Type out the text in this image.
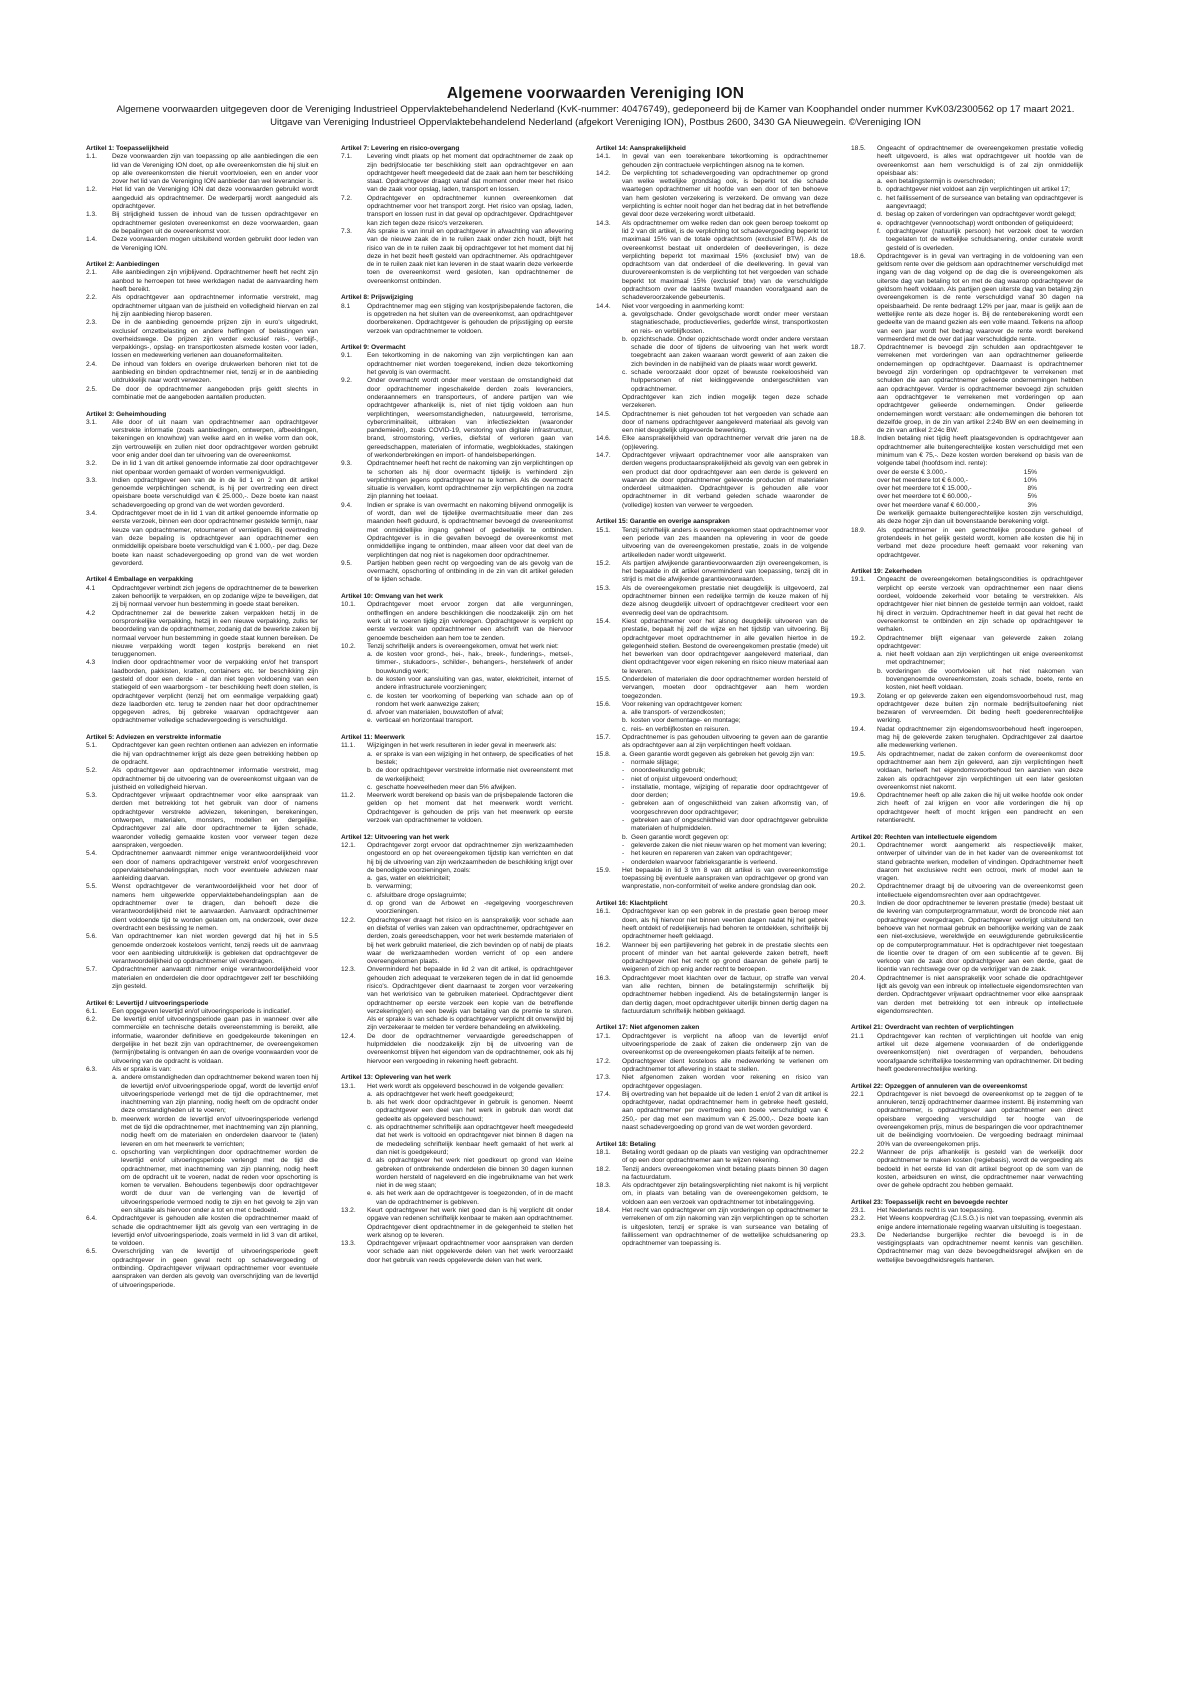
Algemene voorwaarden Vereniging ION
Algemene voorwaarden uitgegeven door de Vereniging Industrieel Oppervlaktebehandelend Nederland (KvK-nummer: 40476749), gedeponeerd bij de Kamer van Koophandel onder nummer KvK03/2300562 op 17 maart 2021.
Uitgave van Vereniging Industrieel Oppervlaktebehandelend Nederland (afgekort Vereniging ION), Postbus 2600, 3430 GA Nieuwegein. ©Vereniging ION
Artikel 1: Toepasselijkheid
1.1.	Deze voorwaarden zijn van toepassing op alle aanbiedingen die een lid van de Vereniging ION doet, op alle overeenkomsten die hij sluit en op alle overeenkomsten die hieruit voortvloeien, een en ander voor zover het lid van de Vereniging ION aanbieder dan wel leverancier is.
1.2.	Het lid van de Vereniging ION dat deze voorwaarden gebruikt wordt aangeduid als opdrachtnemer. De wederpartij wordt aangeduid als opdrachtgever.
1.3.	Bij strijdigheid tussen de inhoud van de tussen opdrachtgever en opdrachtnemer gesloten overeenkomst en deze voorwaarden, gaan de bepalingen uit de overeenkomst voor.
1.4.	Deze voorwaarden mogen uitsluitend worden gebruikt door leden van de Vereniging ION.
Artikel 2: Aanbiedingen
2.1.	Alle aanbiedingen zijn vrijblijvend. Opdrachtnemer heeft het recht zijn aanbod te herroepen tot twee werkdagen nadat de aanvaarding hem heeft bereikt.
2.2.	Als opdrachtgever aan opdrachtnemer informatie verstrekt, mag opdrachtnemer uitgaan van de juistheid en volledigheid hiervan en zal hij zijn aanbieding hierop baseren.
2.3.	De in de aanbieding genoemde prijzen zijn in euro's uitgedrukt, exclusief omzetbelasting en andere heffingen of belastingen van overheidswege. De prijzen zijn verder exclusief reis-, verblijf-, verpakkings-, opslag- en transportkosten alsmede kosten voor laden, lossen en medewerking verlenen aan douaneformaliteiten.
2.4.	De inhoud van folders en overige drukwerken behoren niet tot de aanbieding en binden opdrachtnemer niet, tenzij er in de aanbieding uitdrukkelijk naar wordt verwezen.
2.5.	De door de opdrachtnemer aangeboden prijs geldt slechts in combinatie met de aangeboden aantallen producten.
Artikel 3: Geheimhouding
3.1.	Alle door of uit naam van opdrachtnemer aan opdrachtgever verstrekte informatie (zoals aanbiedingen, ontwerpen, afbeeldingen, tekeningen en knowhow) van welke aard en in welke vorm dan ook, zijn vertrouwelijk en zullen niet door opdrachtgever worden gebruikt voor enig ander doel dan ter uitvoering van de overeenkomst.
3.2.	De in lid 1 van dit artikel genoemde informatie zal door opdrachtgever niet openbaar worden gemaakt of worden vermenigvuldigd.
3.3.	Indien opdrachtgever een van de in de lid 1 en 2 van dit artikel genoemde verplichtingen schendt, is hij per overtreding een direct opeisbare boete verschuldigd van € 25.000,-. Deze boete kan naast schadevergoeding op grond van de wet worden gevorderd.
3.4.	Opdrachtgever moet de in lid 1 van dit artikel genoemde informatie op eerste verzoek, binnen een door opdrachtnemer gestelde termijn, naar keuze van opdrachtnemer, retourneren of vernietigen. Bij overtreding van deze bepaling is opdrachtgever aan opdrachtnemer een onmiddellijk opeisbare boete verschuldigd van € 1.000,- per dag. Deze boete kan naast schadevergoeding op grond van de wet worden gevorderd.
Artikel 4 Emballage en verpakking
4.1	Opdrachtgever verbindt zich jegens de opdrachtnemer de te bewerken zaken behoorlijk te verpakken, en op zodanige wijze te beveiligen, dat zij bij normaal vervoer hun bestemming in goede staat bereiken.
4.2	Opdrachtnemer zal de bewerkte zaken verpakken hetzij in de oorspronkelijke verpakking, hetzij in een nieuwe verpakking, zulks ter beoordeling van de opdrachtnemer, zodanig dat de bewerkte zaken bij normaal vervoer hun bestemming in goede staat kunnen bereiken. De nieuwe verpakking wordt tegen kostprijs berekend en niet teruggenomen.
4.3	Indien door opdrachtnemer voor de verpakking en/of het transport laadborden, pakkisten, kratten, containers etc. ter beschikking zijn gesteld of door een derde - al dan niet tegen voldoening van een statiegeld of een waarborgsom - ter beschikking heeft doen stellen, is opdrachtgever verplicht (tenzij het om eenmalige verpakking gaat) deze laadborden etc. terug te zenden naar het door opdrachtnemer opgegeven adres, bij gebreke waarvan opdrachtgever aan opdrachtnemer volledige schadevergoeding is verschuldigd.
Artikel 5: Adviezen en verstrekte informatie
5.1.	Opdrachtgever kan geen rechten ontlenen aan adviezen en informatie die hij van opdrachtnemer krijgt als deze geen betrekking hebben op de opdracht.
5.2.	Als opdrachtgever aan opdrachtnemer informatie verstrekt, mag opdrachtnemer bij de uitvoering van de overeenkomst uitgaan van de juistheid en volledigheid hiervan.
5.3.	Opdrachtgever vrijwaart opdrachtnemer voor elke aanspraak van derden met betrekking tot het gebruik van door of namens opdrachtgever verstrekte adviezen, tekeningen, berekeningen, ontwerpen, materialen, monsters, modellen en dergelijke. Opdrachtgever zal alle door opdrachtnemer te lijden schade, waaronder volledig gemaakte kosten voor verweer tegen deze aanspraken, vergoeden.
5.4.	Opdrachtnemer aanvaardt nimmer enige verantwoordelijkheid voor een door of namens opdrachtgever verstrekt en/of voorgeschreven oppervlaktebehandelingsplan, noch voor eventuele adviezen naar aanleiding daarvan.
5.5.	Wenst opdrachtgever de verantwoordelijkheid voor het door of namens hem uitgewerkte oppervlaktebehandelingsplan aan de opdrachtnemer over te dragen, dan behoeft deze die verantwoordelijkheid niet te aanvaarden. Aanvaardt opdrachtnemer dient voldoende tijd te worden gelaten om, na onderzoek, over deze overdracht een beslissing te nemen.
5.6.	Van opdrachtnemer kan niet worden gevergd dat hij het in 5.5 genoemde onderzoek kosteloos verricht, tenzij reeds uit de aanvraag voor een aanbieding uitdrukkelijk is gebleken dat opdrachtgever de verantwoordelijkheid op opdrachtnemer wil overdragen.
5.7.	Opdrachtnemer aanvaardt nimmer enige verantwoordelijkheid voor materialen en onderdelen die door opdrachtgever zelf ter beschikking zijn gesteld.
Artikel 6: Levertijd / uitvoeringsperiode
6.1.	Een opgegeven levertijd en/of uitvoeringsperiode is indicatief.
6.2.	De levertijd en/of uitvoeringsperiode gaan pas in wanneer over alle commerciële en technische details overeenstemming is bereikt, alle informatie, waaronder definitieve en goedgekeurde tekeningen en dergelijke in het bezit zijn van opdrachtnemer, de overeengekomen (termijn)betaling is ontvangen én aan de overige voorwaarden voor de uitvoering van de opdracht is voldaan.
6.3.	Als er sprake is van:
a. andere omstandigheden dan opdrachtnemer bekend waren toen hij de levertijd en/of uitvoeringsperiode opgaf, wordt de levertijd en/of uitvoeringsperiode verlengd met de tijd die opdrachtnemer, met inachtneming van zijn planning, nodig heeft om de opdracht onder deze omstandigheden uit te voeren;
b. meerwerk worden de levertijd en/of uitvoeringsperiode verlengd met de tijd die opdrachtnemer, met inachtneming van zijn planning, nodig heeft om de materialen en onderdelen daarvoor te (laten) leveren en om het meerwerk te verrichten;
c. opschorting van verplichtingen door opdrachtnemer worden de levertijd en/of uitvoeringsperiode verlengd met de tijd die opdrachtnemer, met inachtneming van zijn planning, nodig heeft om de opdracht uit te voeren, nadat de reden voor opschorting is komen te vervallen. Behoudens tegenbewijs door opdrachtgever wordt de duur van de verlenging van de levertijd of uitvoeringsperiode vermoed nodig te zijn en het gevolg te zijn van een situatie als hiervoor onder a tot en met c bedoeld.
6.4.	Opdrachtgever is gehouden alle kosten die opdrachtnemer maakt of schade die opdrachtnemer lijdt als gevolg van een vertraging in de levertijd en/of uitvoeringsperiode, zoals vermeld in lid 3 van dit artikel, te voldoen.
6.5.	Overschrijding van de levertijd of uitvoeringsperiode geeft opdrachtgever in geen geval recht op schadevergoeding of ontbinding. Opdrachtgever vrijwaart opdrachtnemer voor eventuele aanspraken van derden als gevolg van overschrijding van de levertijd of uitvoeringsperiode.
Artikel 7: Levering en risico-overgang
7.1.	Levering vindt plaats op het moment dat opdrachtnemer de zaak op zijn bedrijfslocatie ter beschikking stelt aan opdrachtgever en aan opdrachtgever heeft meegedeeld dat de zaak aan hem ter beschikking staat. Opdrachtgever draagt vanaf dat moment onder meer het risico van de zaak voor opslag, laden, transport en lossen.
7.2.	Opdrachtgever en opdrachtnemer kunnen overeenkomen dat opdrachtnemer voor het transport zorgt. Het risico van opslag, laden, transport en lossen rust in dat geval op opdrachtgever. Opdrachtgever kan zich tegen deze risico's verzekeren.
7.3.	Als sprake is van inruil en opdrachtgever in afwachting van aflevering van de nieuwe zaak de in te ruilen zaak onder zich houdt, blijft het risico van de in te ruilen zaak bij opdrachtgever tot het moment dat hij deze in het bezit heeft gesteld van opdrachtnemer. Als opdrachtgever de in te ruilen zaak niet kan leveren in de staat waarin deze verkeerde toen de overeenkomst werd gesloten, kan opdrachtnemer de overeenkomst ontbinden.
Artikel 8: Prijswijziging
8.1	Opdrachtnemer mag een stijging van kostprijsbepalende factoren, die is opgetreden na het sluiten van de overeenkomst, aan opdrachtgever doorberekenen. Opdrachtgever is gehouden de prijsstijging op eerste verzoek van opdrachtnemer te voldoen.
Artikel 9: Overmacht
9.1.	Een tekortkoming in de nakoming van zijn verplichtingen kan aan opdrachtnemer niet worden toegerekend, indien deze tekortkoming het gevolg is van overmacht.
9.2.	Onder overmacht wordt onder meer verstaan de omstandigheid dat door opdrachtnemer ingeschakelde derden zoals leveranciers, onderaannemers en transporteurs, of andere partijen van wie opdrachtgever afhankelijk is, niet of niet tijdig voldoen aan hun verplichtingen, weersomstandigheden, natuurgeweld, terrorisme, cybercriminaliteit, uitbraken van infectieziekten (waaronder pandemieën), zoals COVID-19, verstoring van digitale infrastructuur, brand, stroomstoring, verlies, diefstal of verloren gaan van gereedschappen, materialen of informatie, wegblokkades, stakingen of werkonderbrekingen en import- of handelsbeperkingen.
9.3.	Opdrachtnemer heeft het recht de nakoming van zijn verplichtingen op te schorten als hij door overmacht tijdelijk is verhinderd zijn verplichtingen jegens opdrachtgever na te komen. Als de overmacht situatie is vervallen, komt opdrachtnemer zijn verplichtingen na zodra zijn planning het toelaat.
9.4.	Indien er sprake is van overmacht en nakoming blijvend onmogelijk is of wordt, dan wel de tijdelijke overmachtsituatie meer dan zes maanden heeft geduurd, is opdrachtnemer bevoegd de overeenkomst met onmiddellijke ingang geheel of gedeeltelijk te ontbinden. Opdrachtgever is in die gevallen bevoegd de overeenkomst met onmiddellijke ingang te ontbinden, maar alleen voor dat deel van de verplichtingen dat nog niet is nagekomen door opdrachtnemer.
9.5.	Partijen hebben geen recht op vergoeding van de als gevolg van de overmacht, opschorting of ontbinding in de zin van dit artikel geleden of te lijden schade.
Artikel 10: Omvang van het werk
10.1.	Opdrachtgever moet ervoor zorgen dat alle vergunningen, ontheffingen en andere beschikkingen die noodzakelijk zijn om het werk uit te voeren tijdig zijn verkregen. Opdrachtgever is verplicht op eerste verzoek van opdrachtnemer een afschrift van de hiervoor genoemde bescheiden aan hem toe te zenden.
10.2.	Tenzij schriftelijk anders is overeengekomen, omvat het werk niet:
a. de kosten voor grond-, hei-, hak-, breek-, funderings-, metsel-, timmer-, stukadoors-, schilder-, behangers-, herstelwerk of ander bouwkundig werk;
b. de kosten voor aansluiting van gas, water, elektriciteit, internet of andere infrastructurele voorzieningen;
c. de kosten ter voorkoming of beperking van schade aan op of rondom het werk aanwezige zaken;
d. afvoer van materialen, bouwstoffen of afval;
e. verticaal en horizontaal transport.
Artikel 11: Meerwerk
11.1.	Wijzigingen in het werk resulteren in ieder geval in meerwerk als:
a. er sprake is van een wijziging in het ontwerp, de specificaties of het bestek;
b. de door opdrachtgever verstrekte informatie niet overeenstemt met de werkelijkheid;
c. geschatte hoeveelheden meer dan 5% afwijken.
11.2.	Meerwerk wordt berekend op basis van de prijsbepalende factoren die gelden op het moment dat het meerwerk wordt verricht. Opdrachtgever is gehouden de prijs van het meerwerk op eerste verzoek van opdrachtnemer te voldoen.
Artikel 12: Uitvoering van het werk
12.1.	Opdrachtgever zorgt ervoor dat opdrachtnemer zijn werkzaamheden ongestoord en op het overeengekomen tijdstip kan verrichten en dat hij bij de uitvoering van zijn werkzaamheden de beschikking krijgt over de benodigde voorzieningen, zoals:
a. gas, water en elektriciteit;
b. verwarming;
c. afsluitbare droge opslagruimte;
d. op grond van de Arbowet en -regelgeving voorgeschreven voorzieningen.
12.2.	Opdrachtgever draagt het risico en is aansprakelijk voor schade aan en diefstal of verlies van zaken van opdrachtnemer, opdrachtgever en derden, zoals gereedschappen, voor het werk bestemde materialen of bij het werk gebruikt materieel, die zich bevinden op of nabij de plaats waar de werkzaamheden worden verricht of op een andere overeengekomen plaats.
12.3.	Onverminderd het bepaalde in lid 2 van dit artikel, is opdrachtgever gehouden zich adequaat te verzekeren tegen de in dat lid genoemde risico's. Opdrachtgever dient daarnaast te zorgen voor verzekering van het werkrisico van te gebruiken materieel. Opdrachtgever dient opdrachtnemer op eerste verzoek een kopie van de betreffende verzekering(en) en een bewijs van betaling van de premie te sturen. Als er sprake is van schade is opdrachtgever verplicht dit onverwijld bij zijn verzekeraar te melden ter verdere behandeling en afwikkeling.
12.4.	De door de opdrachtnemer vervaardigde gereedschappen of hulpmiddelen die noodzakelijk zijn bij de uitvoering van de overeenkomst blijven het eigendom van de opdrachtnemer, ook als hij hiervoor een vergoeding in rekening heeft gebracht.
Artikel 13: Oplevering van het werk
13.1.	Het werk wordt als opgeleverd beschouwd in de volgende gevallen:
a. als opdrachtgever het werk heeft goedgekeurd;
b. als het werk door opdrachtgever in gebruik is genomen. Neemt opdrachtgever een deel van het werk in gebruik dan wordt dat gedeelte als opgeleverd beschouwd;
c. als opdrachtnemer schriftelijk aan opdrachtgever heeft meegedeeld dat het werk is voltooid en opdrachtgever niet binnen 8 dagen na de mededeling schriftelijk kenbaar heeft gemaakt of het werk al dan niet is goedgekeurd;
d. als opdrachtgever het werk niet goedkeurt op grond van kleine gebreken of ontbrekende onderdelen die binnen 30 dagen kunnen worden hersteld of nageleverd en die ingebruikname van het werk niet in de weg staan;
e. als het werk aan de opdrachtgever is toegezonden, of in de macht van de opdrachtnemer is gebleven.
13.2.	Keurt opdrachtgever het werk niet goed dan is hij verplicht dit onder opgave van redenen schriftelijk kenbaar te maken aan opdrachtnemer. Opdrachtgever dient opdrachtnemer in de gelegenheid te stellen het werk alsnog op te leveren.
13.3.	Opdrachtgever vrijwaart opdrachtnemer voor aanspraken van derden voor schade aan niet opgeleverde delen van het werk veroorzaakt door het gebruik van reeds opgeleverde delen van het werk.
Artikel 14: Aansprakelijkheid
14.1.	In geval van een toerekenbare tekortkoming is opdrachtnemer gehouden zijn contractuele verplichtingen alsnog na te komen.
14.2.	De verplichting tot schadevergoeding van opdrachtnemer op grond van welke wettelijke grondslag ook, is beperkt tot die schade waartegen opdrachtnemer uit hoofde van een door of ten behoeve van hem gesloten verzekering is verzekerd. De omvang van deze verplichting is echter nooit hoger dan het bedrag dat in het betreffende geval door deze verzekering wordt uitbetaald.
14.3.	Als opdrachtnemer om welke reden dan ook geen beroep toekomt op lid 2 van dit artikel, is de verplichting tot schadevergoeding beperkt tot maximaal 15% van de totale opdrachtsom (exclusief BTW). Als de overeenkomst bestaat uit onderdelen of deelleveringen, is deze verplichting beperkt tot maximaal 15% (exclusief btw) van de opdrachtsom van dat onderdeel of die deellevering. In geval van duurovereenkomsten is de verplichting tot het vergoeden van schade beperkt tot maximaal 15% (exclusief btw) van de verschuldigde opdrachtsom over de laatste twaalf maanden voorafgaand aan de schadeveroorzakende gebeurtenis.
14.4.	Niet voor vergoeding in aanmerking komt:
a. gevolgschade. Onder gevolgschade wordt onder meer verstaan stagnatieschade, productieverlies, gederfde winst, transportkosten en reis- en verblijfkosten.
b. opzichtschade. Onder opzichtschade wordt onder andere verstaan schade die door of tijdens de uitvoering van het werk wordt toegebracht aan zaken waaraan wordt gewerkt of aan zaken die zich bevinden in de nabijheid van de plaats waar wordt gewerkt.
c. schade veroorzaakt door opzet of bewuste roekeloosheid van hulppersonen of niet leidinggevende ondergeschikten van opdrachtnemer.
Opdrachtgever kan zich indien mogelijk tegen deze schade verzekeren.
14.5.	Opdrachtnemer is niet gehouden tot het vergoeden van schade aan door of namens opdrachtgever aangeleverd materiaal als gevolg van een niet deugdelijk uitgevoerde bewerking.
14.6.	Elke aansprakelijkheid van opdrachtnemer vervalt drie jaren na de (op)levering.
14.7.	Opdrachtgever vrijwaart opdrachtnemer voor alle aanspraken van derden wegens productaansprakelijkheid als gevolg van een gebrek in een product dat door opdrachtgever aan een derde is geleverd en waarvan de door opdrachtnemer geleverde producten of materialen onderdeel uitmaakten. Opdrachtgever is gehouden alle voor opdrachtnemer in dit verband geleden schade waaronder de (volledige) kosten van verweer te vergoeden.
Artikel 15: Garantie en overige aanspraken
15.1.	Tenzij schriftelijk anders is overeengekomen staat opdrachtnemer voor een periode van zes maanden na oplevering in voor de goede uitvoering van de overeengekomen prestatie, zoals in de volgende artikelleden nader wordt uitgewerkt.
15.2.	Als partijen afwijkende garantievoorwaarden zijn overeengekomen, is het bepaalde in dit artikel onverminderd van toepassing, tenzij dit in strijd is met die afwijkende garantievoorwaarden.
15.3.	Als de overeengekomen prestatie niet deugdelijk is uitgevoerd, zal opdrachtnemer binnen een redelijke termijn de keuze maken of hij deze alsnog deugdelijk uitvoert of opdrachtgever crediteert voor een evenredig deel van de opdrachtsom.
15.4.	Kiest opdrachtnemer voor het alsnog deugdelijk uitvoeren van de prestatie, bepaalt hij zelf de wijze en het tijdstip van uitvoering. Bij opdrachtgever moet opdrachtnemer in alle gevallen hiertoe in de gelegenheid stellen. Bestond de overeengekomen prestatie (mede) uit het bewerken van door opdrachtgever aangeleverd materiaal, dan dient opdrachtgever voor eigen rekening en risico nieuw materiaal aan te leveren.
15.5.	Onderdelen of materialen die door opdrachtnemer worden hersteld of vervangen, moeten door opdrachtgever aan hem worden toegezonden.
15.6.	Voor rekening van opdrachtgever komen:
a. alle transport- of verzendkosten;
b. kosten voor demontage- en montage;
c. reis- en verblijfkosten en reisuren.
15.7.	Opdrachtnemer is pas gehouden uitvoering te geven aan de garantie als opdrachtgever aan al zijn verplichtingen heeft voldaan.
15.8.	a. Geen garantie wordt gegeven als gebreken het gevolg zijn van:
-	normale slijtage;
-	onoordeelkundig gebruik;
-	niet of onjuist uitgevoerd onderhoud;
-	installatie, montage, wijziging of reparatie door opdrachtgever of door derden;
-	gebreken aan of ongeschiktheid van zaken afkomstig van, of voorgeschreven door opdrachtgever;
-	gebreken aan of ongeschiktheid van door opdrachtgever gebruikte materialen of hulpmiddelen.
b. Geen garantie wordt gegeven op:
-	geleverde zaken die niet nieuw waren op het moment van levering;
-	het keuren en repareren van zaken van opdrachtgever;
-	onderdelen waarvoor fabrieksgarantie is verleend.
15.9.	Het bepaalde in lid 3 t/m 8 van dit artikel is van overeenkomstige toepassing bij eventuele aanspraken van opdrachtgever op grond van wanprestatie, non-conformiteit of welke andere grondslag dan ook.
Artikel 16: Klachtplicht
16.1.	Opdrachtgever kan op een gebrek in de prestatie geen beroep meer doen, als hij hiervoor niet binnen veertien dagen nadat hij het gebrek heeft ontdekt of redelijkerwijs had behoren te ontdekken, schriftelijk bij opdrachtnemer heeft geklaagd.
16.2.	Wanneer bij een partijlevering het gebrek in de prestatie slechts een procent of minder van het aantal geleverde zaken betreft, heeft opdrachtgever niet het recht op grond daarvan de gehele partij te weigeren of zich op enig ander recht te beroepen.
16.3.	Opdrachtgever moet klachten over de factuur, op straffe van verval van alle rechten, binnen de betalingstermijn schriftelijk bij opdrachtnemer hebben ingediend. Als de betalingstermijn langer is dan dertig dagen, moet opdrachtgever uiterlijk binnen dertig dagen na factuurdatum schriftelijk hebben geklaagd.
Artikel 17: Niet afgenomen zaken
17.1.	Opdrachtgever is verplicht na afloop van de levertijd en/of uitvoeringsperiode de zaak of zaken die onderwerp zijn van de overeenkomst op de overeengekomen plaats feitelijk af te nemen.
17.2.	Opdrachtgever dient kosteloos alle medewerking te verlenen om opdrachtnemer tot aflevering in staat te stellen.
17.3.	Niet afgenomen zaken worden voor rekening en risico van opdrachtgever opgeslagen.
17.4.	Bij overtreding van het bepaalde uit de leden 1 en/of 2 van dit artikel is opdrachtgever, nadat opdrachtnemer hem in gebreke heeft gesteld, aan opdrachtnemer per overtreding een boete verschuldigd van € 250,- per dag met een maximum van € 25.000,-. Deze boete kan naast schadevergoeding op grond van de wet worden gevorderd.
Artikel 18: Betaling
18.1.	Betaling wordt gedaan op de plaats van vestiging van opdrachtnemer of op een door opdrachtnemer aan te wijzen rekening.
18.2.	Tenzij anders overeengekomen vindt betaling plaats binnen 30 dagen na factuurdatum.
18.3.	Als opdrachtgever zijn betalingsverplichting niet nakomt is hij verplicht om, in plaats van betaling van de overeengekomen geldsom, te voldoen aan een verzoek van opdrachtnemer tot inbetalinggeving.
18.4.	Het recht van opdrachtgever om zijn vorderingen op opdrachtnemer te verrekenen of om zijn nakoming van zijn verplichtingen op te schorten is uitgesloten, tenzij er sprake is van surseance van betaling of faillissement van opdrachtnemer of de wettelijke schuldsanering op opdrachtnemer van toepassing is.
18.5.	Ongeacht of opdrachtnemer de overeengekomen prestatie volledig heeft uitgevoerd, is alles wat opdrachtgever uit hoofde van de overeenkomst aan hem verschuldigd is of zal zijn onmiddellijk opeisbaar als:
a. een betalingstermijn is overschreden;
b. opdrachtgever niet voldoet aan zijn verplichtingen uit artikel 17;
c. het faillissement of de surseance van betaling van opdrachtgever is aangevraagd;
d. beslag op zaken of vorderingen van opdrachtgever wordt gelegd;
e. opdrachtgever (vennootschap) wordt ontbonden of geliquideerd;
f. opdrachtgever (natuurlijk persoon) het verzoek doet te worden toegelaten tot de wettelijke schuldsanering, onder curatele wordt gesteld of is overleden.
18.6.	Opdrachtgever is in geval van vertraging in de voldoening van een geldsom rente over die geldsom aan opdrachtnemer verschuldigd met ingang van de dag volgend op de dag die is overeengekomen als uiterste dag van betaling tot en met de dag waarop opdrachtgever de geldsom heeft voldaan. Als partijen geen uiterste dag van betaling zijn overeengekomen is de rente verschuldigd vanaf 30 dagen na opeisbaarheid. De rente bedraagt 12% per jaar, maar is gelijk aan de wettelijke rente als deze hoger is. Bij de renteberekening wordt een gedeelte van de maand gezien als een volle maand. Telkens na afloop van een jaar wordt het bedrag waarover de rente wordt berekend vermeerderd met de over dat jaar verschuldigde rente.
18.7.	Opdrachtnemer is bevoegd zijn schulden aan opdrachtgever te verrekenen met vorderingen van aan opdrachtnemer gelieerde ondernemingen op opdrachtgever. Daarnaast is opdrachtnemer bevoegd zijn vorderingen op opdrachtgever te verrekenen met schulden die aan opdrachtnemer gelieerde ondernemingen hebben aan opdrachtgever. Verder is opdrachtnemer bevoegd zijn schulden aan opdrachtgever te verrekenen met vorderingen op aan opdrachtgever gelieerde ondernemingen. Onder gelieerde ondernemingen wordt verstaan: alle ondernemingen die behoren tot dezelfde groep, in de zin van artikel 2:24b BW en een deelneming in de zin van artikel 2:24c BW.
18.8.	Indien betaling niet tijdig heeft plaatsgevonden is opdrachtgever aan opdrachtnemer alle buitengerechtelijke kosten verschuldigd met een minimum van € 75,-. Deze kosten worden berekend op basis van de volgende tabel (hoofdsom incl. rente):
over de eerste € 3.000,-	15%
over het meerdere tot € 6.000,-	10%
over het meerdere tot € 15.000,-	8%
over het meerdere tot € 60.000,-	5%
over het meerdere vanaf € 60.000,-	3%
De werkelijk gemaakte buitengerechtelijke kosten zijn verschuldigd, als deze hoger zijn dan uit bovenstaande berekening volgt.
18.9.	Als opdrachtnemer in een gerechtelijke procedure geheel of grotendeels in het gelijk gesteld wordt, komen alle kosten die hij in verband met deze procedure heeft gemaakt voor rekening van opdrachtgever.
Artikel 19: Zekerheden
19.1.	Ongeacht de overeengekomen betalingscondities is opdrachtgever verplicht op eerste verzoek van opdrachtnemer een naar diens oordeel, voldoende zekerheid voor betaling te verstrekken. Als opdrachtgever hier niet binnen de gestelde termijn aan voldoet, raakt hij direct in verzuim. Opdrachtnemer heeft in dat geval het recht de overeenkomst te ontbinden en zijn schade op opdrachtgever te verhalen.
19.2.	Opdrachtnemer blijft eigenaar van geleverde zaken zolang opdrachtgever:
a. niet heeft voldaan aan zijn verplichtingen uit enige overeenkomst met opdrachtnemer;
b. vorderingen die voortvloeien uit het niet nakomen van bovengenoemde overeenkomsten, zoals schade, boete, rente en kosten, niet heeft voldaan.
19.3.	Zolang er op geleverde zaken een eigendomsvoorbehoud rust, mag opdrachtgever deze buiten zijn normale bedrijfsuitoefening niet bezwaren of vervreemden. Dit beding heeft goederenrechtelijke werking.
19.4.	Nadat opdrachtnemer zijn eigendomsvoorbehoud heeft ingeroepen, mag hij de geleverde zaken terughalen. Opdrachtgever zal daartoe alle medewerking verlenen.
19.5.	Als opdrachtnemer, nadat de zaken conform de overeenkomst door opdrachtnemer aan hem zijn geleverd, aan zijn verplichtingen heeft voldaan, herleeft het eigendomsvoorbehoud ten aanzien van deze zaken als opdrachtgever zijn verplichtingen uit een later gesloten overeenkomst niet nakomt.
19.6.	Opdrachtnemer heeft op alle zaken die hij uit welke hoofde ook onder zich heeft of zal krijgen en voor alle vorderingen die hij op opdrachtgever heeft of mocht krijgen een pandrecht en een retentierecht.
Artikel 20: Rechten van intellectuele eigendom
20.1.	Opdrachtnemer wordt aangemerkt als respectievelijk maker, ontwerper of uitvinder van de in het kader van de overeenkomst tot stand gebrachte werken, modellen of vindingen. Opdrachtnemer heeft daarom het exclusieve recht een octrooi, merk of model aan te vragen.
20.2.	Opdrachtnemer draagt bij de uitvoering van de overeenkomst geen intellectuele eigendomsrechten over aan opdrachtgever.
20.3.	Indien de door opdrachtnemer te leveren prestatie (mede) bestaat uit de levering van computerprogrammatuur, wordt de broncode niet aan opdrachtgever overgedragen. Opdrachtgever verkrijgt uitsluitend ten behoeve van het normaal gebruik en behoorlijke werking van de zaak een niet-exclusieve, wereldwijde en eeuwigdurende gebruikslicentie op de computerprogrammatuur. Het is opdrachtgever niet toegestaan de licentie over te dragen of om een sublicentie af te geven. Bij verkoop van de zaak door opdrachtgever aan een derde, gaat de licentie van rechtswege over op de verkrijger van de zaak.
20.4.	Opdrachtnemer is niet aansprakelijk voor schade die opdrachtgever lijdt als gevolg van een inbreuk op intellectuele eigendomsrechten van derden. Opdrachtgever vrijwaart opdrachtnemer voor elke aanspraak van derden met betrekking tot een inbreuk op intellectuele eigendomsrechten.
Artikel 21: Overdracht van rechten of verplichtingen
21.1	Opdrachtgever kan rechten of verplichtingen uit hoofde van enig artikel uit deze algemene voorwaarden of de onderliggende overeenkomst(en) niet overdragen of verpanden, behoudens voorafgaande schriftelijke toestemming van opdrachtnemer. Dit beding heeft goederenrechtelijke werking.
Artikel 22: Opzeggen of annuleren van de overeenkomst
22.1	Opdrachtgever is niet bevoegd de overeenkomst op te zeggen of te annuleren, tenzij opdrachtnemer daarmee instemt. Bij instemming van opdrachtnemer, is opdrachtgever aan opdrachtnemer een direct opeisbare vergoeding verschuldigd ter hoogte van de overeengekomen prijs, minus de besparingen die voor opdrachtnemer uit de beëindiging voortvloeien. De vergoeding bedraagt minimaal 20% van de overeengekomen prijs.
22.2	Wanneer de prijs afhankelijk is gesteld van de werkelijk door opdrachtnemer te maken kosten (regiebasis), wordt de vergoeding als bedoeld in het eerste lid van dit artikel begroot op de som van de kosten, arbeidsuren en winst, die opdrachtnemer naar verwachting over de gehele opdracht zou hebben gemaakt.
Artikel 23: Toepasselijk recht en bevoegde rechter
23.1.	Het Nederlands recht is van toepassing.
23.2.	Het Weens koopverdrag (C.I.S.G.) is niet van toepassing, evenmin als enige andere internationale regeling waarvan uitsluiting is toegestaan.
23.3.	De Nederlandse burgerlijke rechter die bevoegd is in de vestigingsplaats van opdrachtnemer neemt kennis van geschillen. Opdrachtnemer mag van deze bevoegdheidsregel afwijken en de wettelijke bevoegdheidsregels hanteren.
